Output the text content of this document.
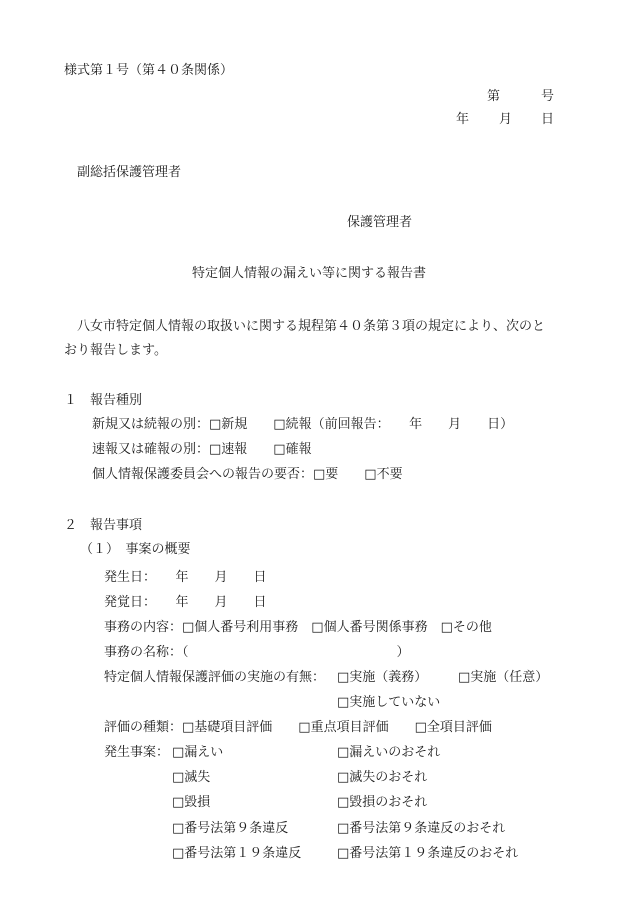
様式第１号（第４０条関係）
第	号
年 月 日
副総括保護管理者
保護管理者
特定個人情報の漏えい等に関する報告書
八女市特定個人情報の取扱いに関する規程第４０条第３項の規定により、次のと
おり報告します。
１　報告種別
新規又は続報の別：□新規　　□続報（前回報告：　　年　　月　　日）
速報又は確報の別：□速報　　□確報
個人情報保護委員会への報告の要否：□要　　□不要
２　報告事項
（１）　事案の概要
発生日：　　年　　月　　日
発覚日：　　年　　月　　日
事務の内容：□個人番号利用事務　□個人番号関係事務　□その他
事務の名称：（　　　　　　　　　　　　　　　　）
特定個人情報保護評価の実施の有無： □実施（義務） □実施（任意）
□実施していない
評価の種類：□基礎項目評価　　□重点項目評価　　□全項目評価
発生事案： □漏えい	□漏えいのおそれ
□滅失	□滅失のおそれ
□毀損	□毀損のおそれ
□番号法第９条違反	□番号法第９条違反のおそれ
□番号法第１９条違反	□番号法第１９条違反のおそれ
